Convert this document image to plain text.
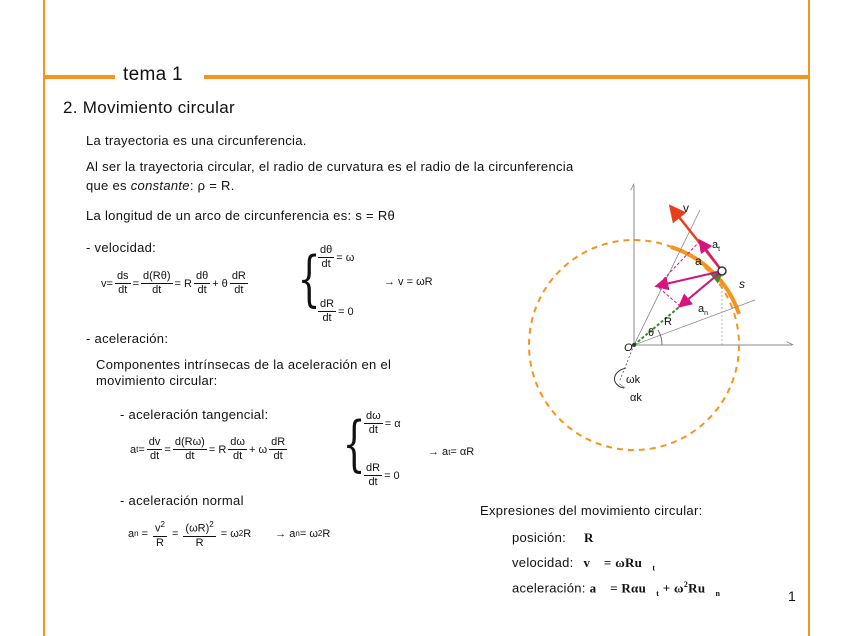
tema 1
2. Movimiento circular
La trayectoria es una circunferencia.
Al ser la trayectoria circular, el radio de curvatura es el radio de la circunferencia
que es constante: ρ = R.
La longitud de un arco de circunferencia es: s = Rθ
- velocidad:
$v= \frac{ds}{dt} = \frac{d(R\theta)}{dt} = R \frac{d\theta}{dt} + \theta \frac{dR}{dt}$ {
$\frac{d\theta}{dt} = \omega$
$\frac{dR}{dt} = 0$
→ v = ωR
- aceleración:
Componentes intrínsecas de la aceleración en el
movimiento circular:
- aceleración tangencial:
a $t = \frac{dv}{dt} = \frac{d(R\omega)}{dt} = R \frac{d\omega}{dt} + \omega \frac{dR}{dt}$ {
$\frac{d\omega}{dt} = \alpha$
$\frac{dR}{dt} = 0$
→ a t = αR
- aceleración normal
a $n = \frac{v^2}{R} = \frac{(\omega R)^2}{R} = \omega$ 2 R → a n = ω 2 R
Expresiones del movimiento circular:
posición: R⃗
velocidad: v⃗ = $\omega Ru⃗_t$
aceleración: a⃗ = $R\alpha u⃗_t$ + $\omega^2Ru⃗_n$	1
v
$a_t$
a
$a_n$
s
R
θ
O
ωk
αk
